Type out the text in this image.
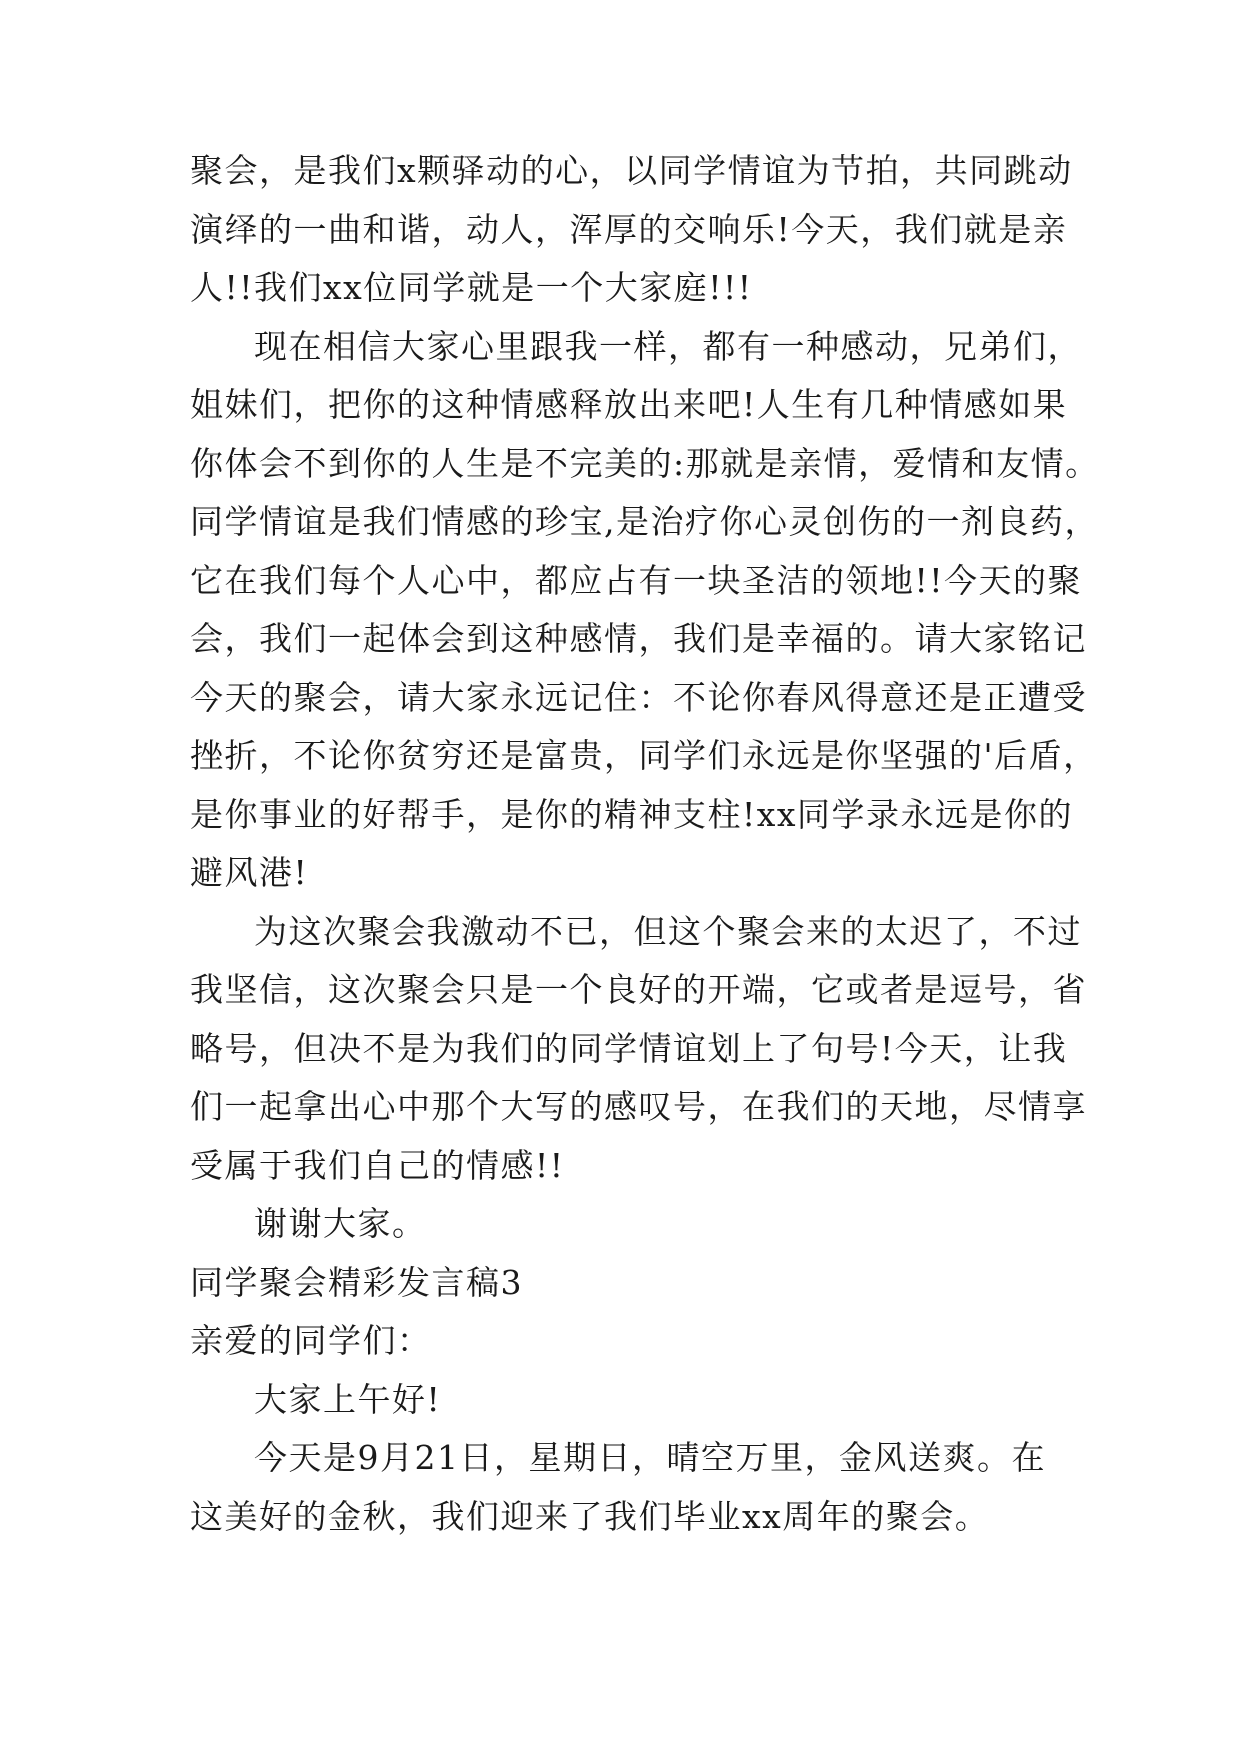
聚会，是我们x颗驿动的心，以同学情谊为节拍，共同跳动
演绎的一曲和谐，动人，浑厚的交响乐!今天，我们就是亲
人!!我们xx位同学就是一个大家庭!!!
现在相信大家心里跟我一样，都有一种感动，兄弟们，
姐妹们，把你的这种情感释放出来吧!人生有几种情感如果
你体会不到你的人生是不完美的:那就是亲情，爱情和友情。
同学情谊是我们情感的珍宝,是治疗你心灵创伤的一剂良药，
它在我们每个人心中，都应占有一块圣洁的领地!!今天的聚
会，我们一起体会到这种感情，我们是幸福的。请大家铭记
今天的聚会，请大家永远记住：不论你春风得意还是正遭受
挫折，不论你贫穷还是富贵，同学们永远是你坚强的'后盾，
是你事业的好帮手，是你的精神支柱!xx同学录永远是你的
避风港!
为这次聚会我激动不已，但这个聚会来的太迟了，不过
我坚信，这次聚会只是一个良好的开端，它或者是逗号，省
略号，但决不是为我们的同学情谊划上了句号!今天，让我
们一起拿出心中那个大写的感叹号，在我们的天地，尽情享
受属于我们自己的情感!!
谢谢大家。
同学聚会精彩发言稿3
亲爱的同学们：
大家上午好!
今天是9月21日，星期日，晴空万里，金风送爽。在
这美好的金秋，我们迎来了我们毕业xx周年的聚会。
